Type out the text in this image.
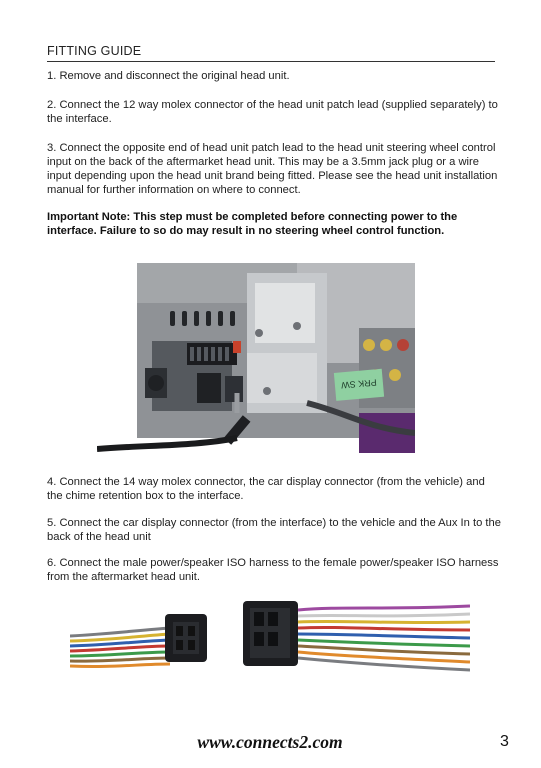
FITTING GUIDE
1. Remove and disconnect the original head unit.
2. Connect the 12 way molex connector of the head unit patch lead (supplied separately) to the interface.
3. Connect the opposite end of head unit patch lead to the head unit steering wheel control input on the back of the aftermarket head unit. This may be a 3.5mm jack plug or a wire input depending upon the head unit brand being fitted. Please see the head unit installation manual for further information on where to connect.
Important Note: This step must be completed before connecting power to the interface. Failure to so do may result in no steering wheel control function.
PRK SW
4. Connect the 14 way molex connector, the car display connector (from the vehicle) and the chime retention box to the interface.
5. Connect the car display connector (from the interface) to the vehicle and the Aux In to the back of the head unit
6. Connect the male power/speaker ISO harness to the female power/speaker ISO harness from the aftermarket head unit.
www.connects2.com	3
